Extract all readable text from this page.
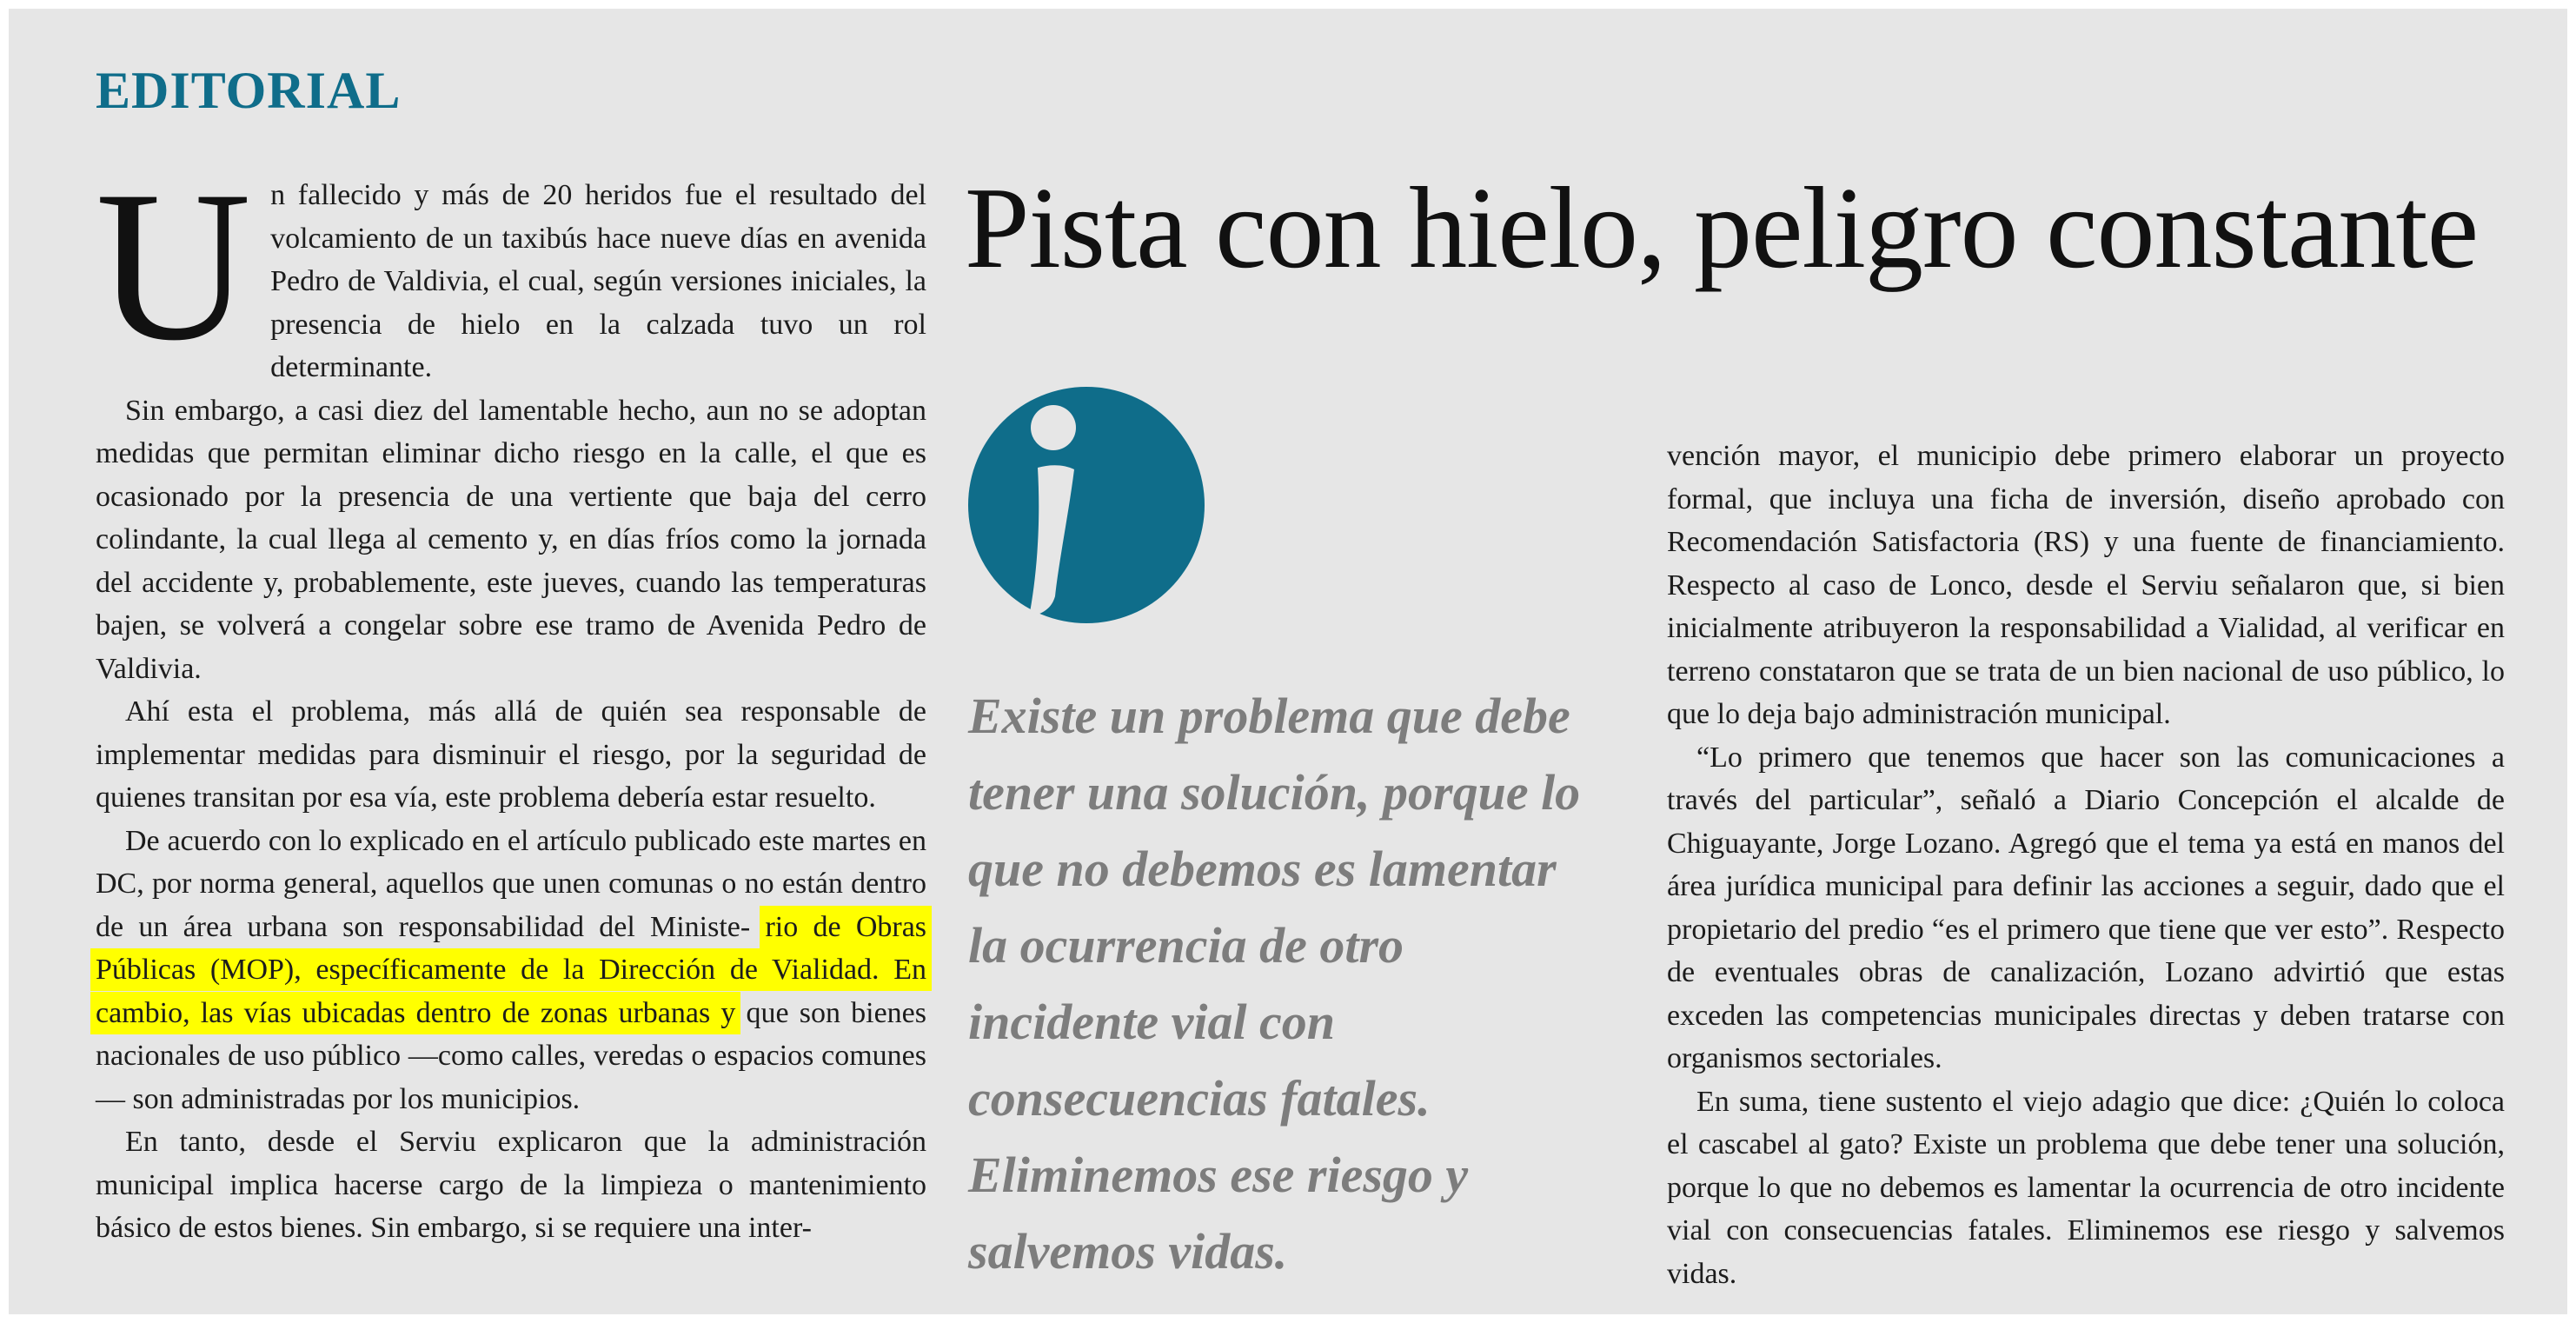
EDITORIAL
Pista con hielo, peligro constante

Un fallecido y más de 20 heridos fue el resultado del volcamiento de un taxibús hace nueve días en avenida Pedro de Valdivia, el cual, según versiones iniciales, la presencia de hielo en la calzada tuvo un rol determinante.

Sin embargo, a casi diez del lamentable hecho, aun no se adoptan medidas que permitan eliminar dicho riesgo en la calle, el que es ocasionado por la presencia de una vertiente que baja del cerro colindante, la cual llega al cemento y, en días fríos como la jornada del accidente y, probablemente, este jueves, cuando las temperaturas bajen, se volverá a congelar sobre ese tramo de Avenida Pedro de Valdivia.

Ahí esta el problema, más allá de quién sea responsable de implementar medidas para disminuir el riesgo, por la seguridad de quienes transitan por esa vía, este problema debería estar resuelto.

De acuerdo con lo explicado en el artículo publicado este martes en DC, por norma general, aquellos que unen comunas o no están dentro de un área urbana son responsabilidad del Ministe- rio de Obras Públicas (MOP), específicamente de la Dirección de Vialidad. En cambio, las vías ubicadas dentro de zonas urbanas y que son bienes nacionales de uso público —como calles, veredas o espacios comunes— son administradas por los municipios.

En tanto, desde el Serviu explicaron que la administración municipal implica hacerse cargo de la limpieza o mantenimiento básico de estos bienes. Sin embargo, si se requiere una inter-

Existe un problema que debe tener una solución, porque lo que no debemos es lamentar la ocurrencia de otro incidente vial con consecuencias fatales. Eliminemos ese riesgo y salvemos vidas.

vención mayor, el municipio debe primero elaborar un proyecto formal, que incluya una ficha de inversión, diseño aprobado con Recomendación Satisfactoria (RS) y una fuente de financiamiento. Respecto al caso de Lonco, desde el Serviu señalaron que, si bien inicialmente atribuyeron la responsabilidad a Vialidad, al verificar en terreno constataron que se trata de un bien nacional de uso público, lo que lo deja bajo administración municipal.

“Lo primero que tenemos que hacer son las comunicaciones a través del particular”, señaló a Diario Concepción el alcalde de Chiguayante, Jorge Lozano. Agregó que el tema ya está en manos del área jurídica municipal para definir las acciones a seguir, dado que el propietario del predio “es el primero que tiene que ver esto”. Respecto de eventuales obras de canalización, Lozano advirtió que estas exceden las competencias municipales directas y deben tratarse con organismos sectoriales.

En suma, tiene sustento el viejo adagio que dice: ¿Quién lo coloca el cascabel al gato? Existe un problema que debe tener una solución, porque lo que no debemos es lamentar la ocurrencia de otro incidente vial con consecuencias fatales. Eliminemos ese riesgo y salvemos vidas.
